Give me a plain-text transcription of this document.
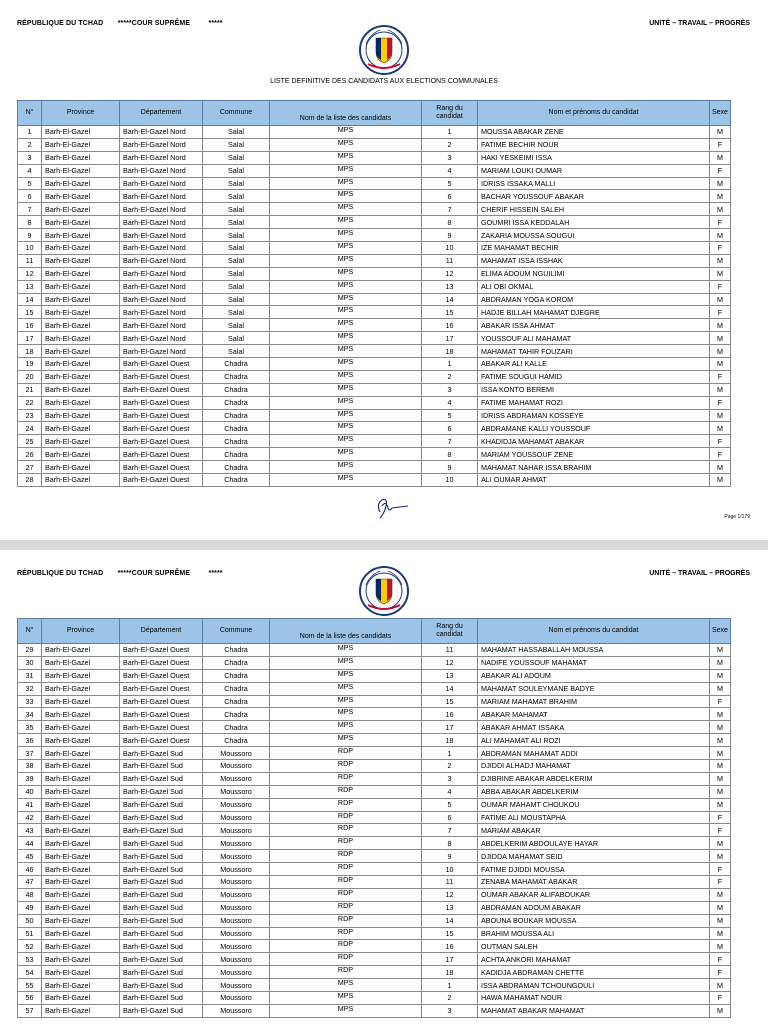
RÉPUBLIQUE DU TCHAD       *****COUR SUPRÊME         *****	UNITÉ – TRAVAIL – PROGRÈS
LISTE DEFINITIVE DES CANDIDATS AUX ELECTIONS COMMUNALES
N°	Province	Département	Commune	Nom de la liste des candidats	Rang du
candidat	Nom et prénoms du candidat	Sexe
1	Barh-El-Gazel	Barh-El-Gazel Nord	Salal	MPS	1	MOUSSA ABAKAR ZENE	M
2	Barh-El-Gazel	Barh-El-Gazel Nord	Salal	MPS	2	FATIME BECHIR NOUR	F
3	Barh-El-Gazel	Barh-El-Gazel Nord	Salal	MPS	3	HAKI YESKEIMI ISSA	M
4	Barh-El-Gazel	Barh-El-Gazel Nord	Salal	MPS	4	MARIAM LOUKI OUMAR	F
5	Barh-El-Gazel	Barh-El-Gazel Nord	Salal	MPS	5	IDRISS ISSAKA MALLI	M
6	Barh-El-Gazel	Barh-El-Gazel Nord	Salal	MPS	6	BACHAR YOUSSOUF ABAKAR	M
7	Barh-El-Gazel	Barh-El-Gazel Nord	Salal	MPS	7	CHERIF HISSEIN SALEH	M
8	Barh-El-Gazel	Barh-El-Gazel Nord	Salal	MPS	8	GOUMRI ISSA KEDDALAH	F
9	Barh-El-Gazel	Barh-El-Gazel Nord	Salal	MPS	9	ZAKARIA MOUSSA SOUGUI	M
10	Barh-El-Gazel	Barh-El-Gazel Nord	Salal	MPS	10	IZE MAHAMAT BECHIR	F
11	Barh-El-Gazel	Barh-El-Gazel Nord	Salal	MPS	11	MAHAMAT ISSA ISSHAK	M
12	Barh-El-Gazel	Barh-El-Gazel Nord	Salal	MPS	12	ELIMA ADOUM NGUILIMI	M
13	Barh-El-Gazel	Barh-El-Gazel Nord	Salal	MPS	13	ALI OBI OKMAL	F
14	Barh-El-Gazel	Barh-El-Gazel Nord	Salal	MPS	14	ABDRAMAN YOGA KOROM	M
15	Barh-El-Gazel	Barh-El-Gazel Nord	Salal	MPS	15	HADJE BILLAH MAHAMAT DJEGRE	F
16	Barh-El-Gazel	Barh-El-Gazel Nord	Salal	MPS	16	ABAKAR ISSA AHMAT	M
17	Barh-El-Gazel	Barh-El-Gazel Nord	Salal	MPS	17	YOUSSOUF ALI MAHAMAT	M
18	Barh-El-Gazel	Barh-El-Gazel Nord	Salal	MPS	18	MAHAMAT TAHIR FOUZARI	M
19	Barh-El-Gazel	Barh-El-Gazel Ouest	Chadra	MPS	1	ABAKAR ALI KALLE	M
20	Barh-El-Gazel	Barh-El-Gazel Ouest	Chadra	MPS	2	FATIME SOUGUI HAMID	F
21	Barh-El-Gazel	Barh-El-Gazel Ouest	Chadra	MPS	3	ISSA KONTO BEREMI	M
22	Barh-El-Gazel	Barh-El-Gazel Ouest	Chadra	MPS	4	FATIME MAHAMAT ROZI	F
23	Barh-El-Gazel	Barh-El-Gazel Ouest	Chadra	MPS	5	IDRISS ABDRAMAN KOSSEYE	M
24	Barh-El-Gazel	Barh-El-Gazel Ouest	Chadra	MPS	6	ABDRAMANE KALLI YOUSSOUF	M
25	Barh-El-Gazel	Barh-El-Gazel Ouest	Chadra	MPS	7	KHADIDJA MAHAMAT ABAKAR	F
26	Barh-El-Gazel	Barh-El-Gazel Ouest	Chadra	MPS	8	MARIAM YOUSSOUF ZENE	F
27	Barh-El-Gazel	Barh-El-Gazel Ouest	Chadra	MPS	9	MAHAMAT NAHAR ISSA BRAHIM	M
28	Barh-El-Gazel	Barh-El-Gazel Ouest	Chadra	MPS	10	ALI OUMAR AHMAT	M
Page 1/179
RÉPUBLIQUE DU TCHAD       *****COUR SUPRÊME         *****	UNITÉ – TRAVAIL – PROGRÈS
N°	Province	Département	Commune	Nom de la liste des candidats	Rang du
candidat	Nom et prénoms du candidat	Sexe
29	Barh-El-Gazel	Barh-El-Gazel Ouest	Chadra	MPS	11	MAHAMAT HASSABALLAH MOUSSA	M
30	Barh-El-Gazel	Barh-El-Gazel Ouest	Chadra	MPS	12	NADIFE YOUSSOUF MAHAMAT	M
31	Barh-El-Gazel	Barh-El-Gazel Ouest	Chadra	MPS	13	ABAKAR ALI ADOUM	M
32	Barh-El-Gazel	Barh-El-Gazel Ouest	Chadra	MPS	14	MAHAMAT SOULEYMANE BADYE	M
33	Barh-El-Gazel	Barh-El-Gazel Ouest	Chadra	MPS	15	MARIAM MAHAMAT BRAHIM	F
34	Barh-El-Gazel	Barh-El-Gazel Ouest	Chadra	MPS	16	ABAKAR MAHAMAT	M
35	Barh-El-Gazel	Barh-El-Gazel Ouest	Chadra	MPS	17	ABAKAR AHMAT ISSAKA	M
36	Barh-El-Gazel	Barh-El-Gazel Ouest	Chadra	MPS	18	ALI MAHAMAT ALI ROZI	M
37	Barh-El-Gazel	Barh-El-Gazel Sud	Moussoro	RDP	1	ABDRAMAN MAHAMAT ADDI	M
38	Barh-El-Gazel	Barh-El-Gazel Sud	Moussoro	RDP	2	DJIDDI ALHADJ MAHAMAT	M
39	Barh-El-Gazel	Barh-El-Gazel Sud	Moussoro	RDP	3	DJIBRINE ABAKAR ABDELKERIM	M
40	Barh-El-Gazel	Barh-El-Gazel Sud	Moussoro	RDP	4	ABBA ABAKAR ABDELKERIM	M
41	Barh-El-Gazel	Barh-El-Gazel Sud	Moussoro	RDP	5	OUMAR MAHAMT CHOUKOU	M
42	Barh-El-Gazel	Barh-El-Gazel Sud	Moussoro	RDP	6	FATIME ALI MOUSTAPHA	F
43	Barh-El-Gazel	Barh-El-Gazel Sud	Moussoro	RDP	7	MARIAM ABAKAR	F
44	Barh-El-Gazel	Barh-El-Gazel Sud	Moussoro	RDP	8	ABDELKERIM ABDOULAYE HAYAR	M
45	Barh-El-Gazel	Barh-El-Gazel Sud	Moussoro	RDP	9	DJIDDA MAHAMAT SEID	M
46	Barh-El-Gazel	Barh-El-Gazel Sud	Moussoro	RDP	10	FATIME DJIDDI MOUSSA	F
47	Barh-El-Gazel	Barh-El-Gazel Sud	Moussoro	RDP	11	ZENABA MAHAMAT ABAKAR	F
48	Barh-El-Gazel	Barh-El-Gazel Sud	Moussoro	RDP	12	OUMAR ABAKAR ALIFABOUKAR	M
49	Barh-El-Gazel	Barh-El-Gazel Sud	Moussoro	RDP	13	ABDRAMAN ADOUM ABAKAR	M
50	Barh-El-Gazel	Barh-El-Gazel Sud	Moussoro	RDP	14	ABOUNA BOUKAR MOUSSA	M
51	Barh-El-Gazel	Barh-El-Gazel Sud	Moussoro	RDP	15	BRAHIM MOUSSA ALI	M
52	Barh-El-Gazel	Barh-El-Gazel Sud	Moussoro	RDP	16	OUTMAN SALEH	M
53	Barh-El-Gazel	Barh-El-Gazel Sud	Moussoro	RDP	17	ACHTA ANKORI MAHAMAT	F
54	Barh-El-Gazel	Barh-El-Gazel Sud	Moussoro	RDP	18	KADIDJA ABDRAMAN CHETTE	F
55	Barh-El-Gazel	Barh-El-Gazel Sud	Moussoro	MPS	1	ISSA ABDRAMAN TCHOUNGOULI	M
56	Barh-El-Gazel	Barh-El-Gazel Sud	Moussoro	MPS	2	HAWA MAHAMAT NOUR	F
57	Barh-El-Gazel	Barh-El-Gazel Sud	Moussoro	MPS	3	MAHAMAT ABAKAR MAHAMAT	M
